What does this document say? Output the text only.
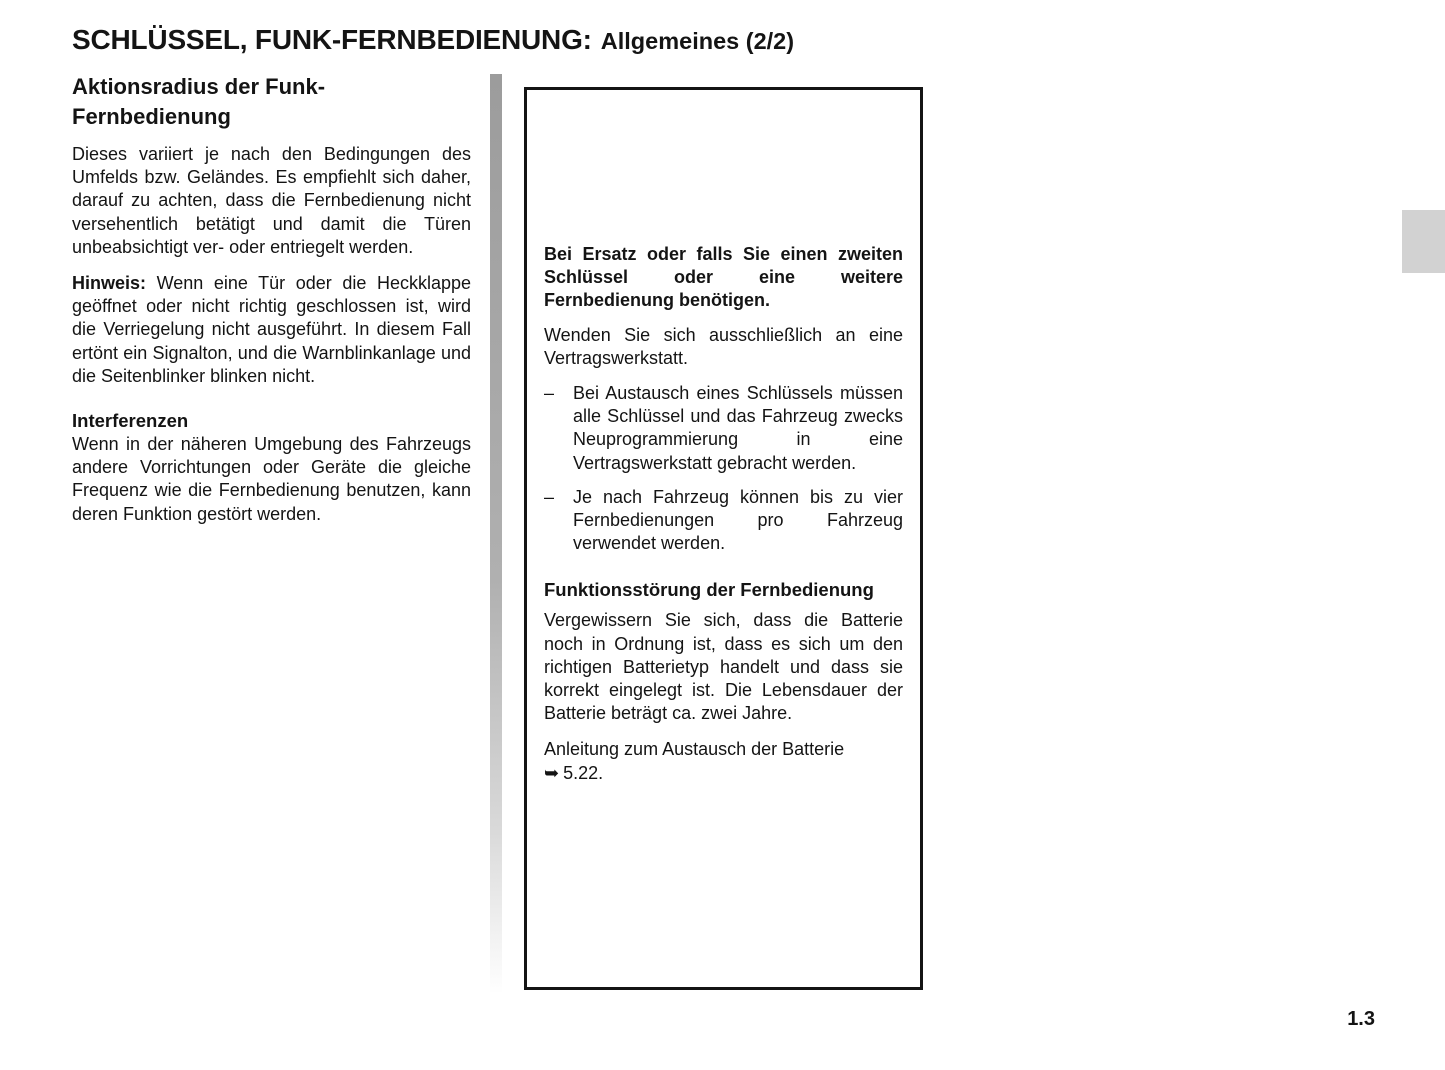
SCHLÜSSEL, FUNK-FERNBEDIENUNG: Allgemeines (2/2)
Aktionsradius der Funk-Fernbedienung

Dieses variiert je nach den Bedingungen des Umfelds bzw. Geländes. Es empfiehlt sich daher, darauf zu achten, dass die Fernbedienung nicht versehentlich betätigt und damit die Türen unbeabsichtigt ver- oder entriegelt werden.

Hinweis: Wenn eine Tür oder die Heckklappe geöffnet oder nicht richtig geschlossen ist, wird die Verriegelung nicht ausgeführt. In diesem Fall ertönt ein Signalton, und die Warnblinkanlage und die Seitenblinker blinken nicht.

Interferenzen

Wenn in der näheren Umgebung des Fahrzeugs andere Vorrichtungen oder Geräte die gleiche Frequenz wie die Fernbedienung benutzen, kann deren Funktion gestört werden.

Bei Ersatz oder falls Sie einen zweiten Schlüssel oder eine weitere Fernbedienung benötigen.

Wenden Sie sich ausschließlich an eine Vertragswerkstatt.

–	Bei Austausch eines Schlüssels müssen alle Schlüssel und das Fahrzeug zwecks Neuprogrammierung in eine Vertragswerkstatt gebracht werden.
–	Je nach Fahrzeug können bis zu vier Fernbedienungen pro Fahrzeug verwendet werden.
Funktionsstörung der Fernbedienung

Vergewissern Sie sich, dass die Batterie noch in Ordnung ist, dass es sich um den richtigen Batterietyp handelt und dass sie korrekt eingelegt ist. Die Lebensdauer der Batterie beträgt ca. zwei Jahre.

Anleitung zum Austausch der Batterie
➥ 5.22.

1.3
